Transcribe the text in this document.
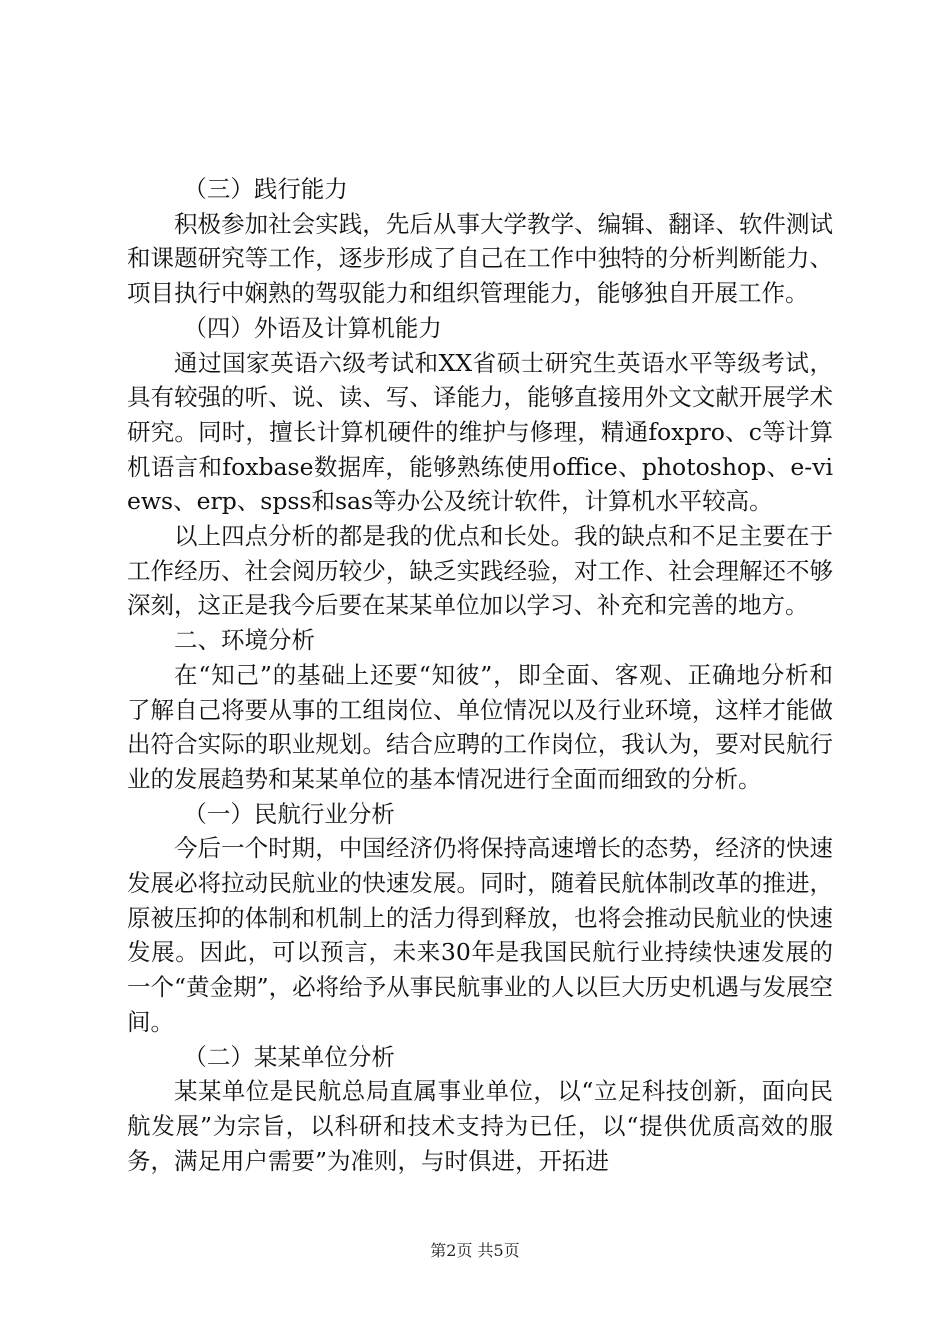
（三）践行能力

积极参加社会实践，先后从事大学教学、编辑、翻译、软件测试和课题研究等工作，逐步形成了自己在工作中独特的分析判断能力、项目执行中娴熟的驾驭能力和组织管理能力，能够独自开展工作。

（四）外语及计算机能力

通过国家英语六级考试和XX省硕士研究生英语水平等级考试，具有较强的听、说、读、写、译能力，能够直接用外文文献开展学术研究。同时，擅长计算机硬件的维护与修理，精通foxpro、c等计算机语言和foxbase数据库，能够熟练使用office、photoshop、e-views、erp、spss和sas等办公及统计软件，计算机水平较高。

以上四点分析的都是我的优点和长处。我的缺点和不足主要在于工作经历、社会阅历较少，缺乏实践经验，对工作、社会理解还不够深刻，这正是我今后要在某某单位加以学习、补充和完善的地方。

二、环境分析

在“知己”的基础上还要“知彼”，即全面、客观、正确地分析和了解自己将要从事的工组岗位、单位情况以及行业环境，这样才能做出符合实际的职业规划。结合应聘的工作岗位，我认为，要对民航行业的发展趋势和某某单位的基本情况进行全面而细致的分析。

（一）民航行业分析

今后一个时期，中国经济仍将保持高速增长的态势，经济的快速发展必将拉动民航业的快速发展。同时，随着民航体制改革的推进，原被压抑的体制和机制上的活力得到释放，也将会推动民航业的快速发展。因此，可以预言，未来30年是我国民航行业持续快速发展的一个“黄金期”，必将给予从事民航事业的人以巨大历史机遇与发展空间。

（二）某某单位分析

某某单位是民航总局直属事业单位，以“立足科技创新，面向民航发展”为宗旨，以科研和技术支持为已任，以“提供优质高效的服务，满足用户需要”为准则，与时俱进，开拓进

第2页 共5页
